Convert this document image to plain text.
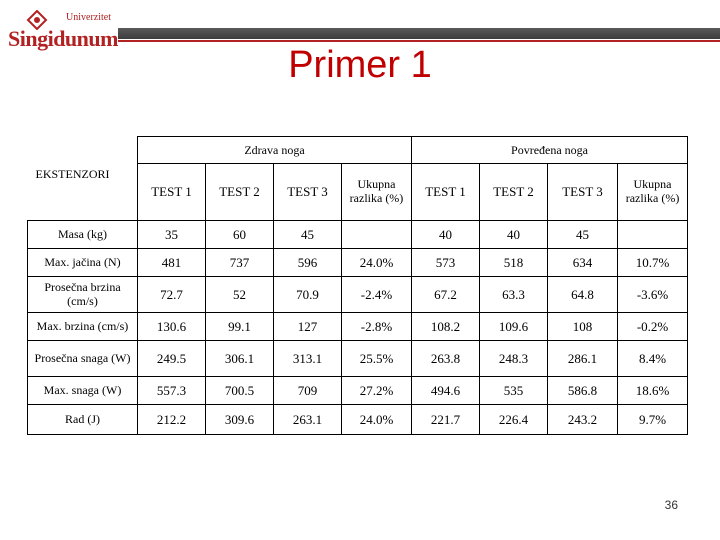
Univerzitet
Singidunum
Primer 1
EKSTENZORI	Zdrava noga				Povređena noga			
	TEST 1	TEST 2	TEST 3	Ukupna razlika (%)	TEST 1	TEST 2	TEST 3	Ukupna razlika (%)
Masa (kg)	35	60	45		40	40	45	
Max. jačina (N)	481	737	596	24.0%	573	518	634	10.7%
Prosečna brzina (cm/s)	72.7	52	70.9	-2.4%	67.2	63.3	64.8	-3.6%
Max. brzina (cm/s)	130.6	99.1	127	-2.8%	108.2	109.6	108	-0.2%
Prosečna snaga (W)	249.5	306.1	313.1	25.5%	263.8	248.3	286.1	8.4%
Max. snaga (W)	557.3	700.5	709	27.2%	494.6	535	586.8	18.6%
Rad (J)	212.2	309.6	263.1	24.0%	221.7	226.4	243.2	9.7%
36
